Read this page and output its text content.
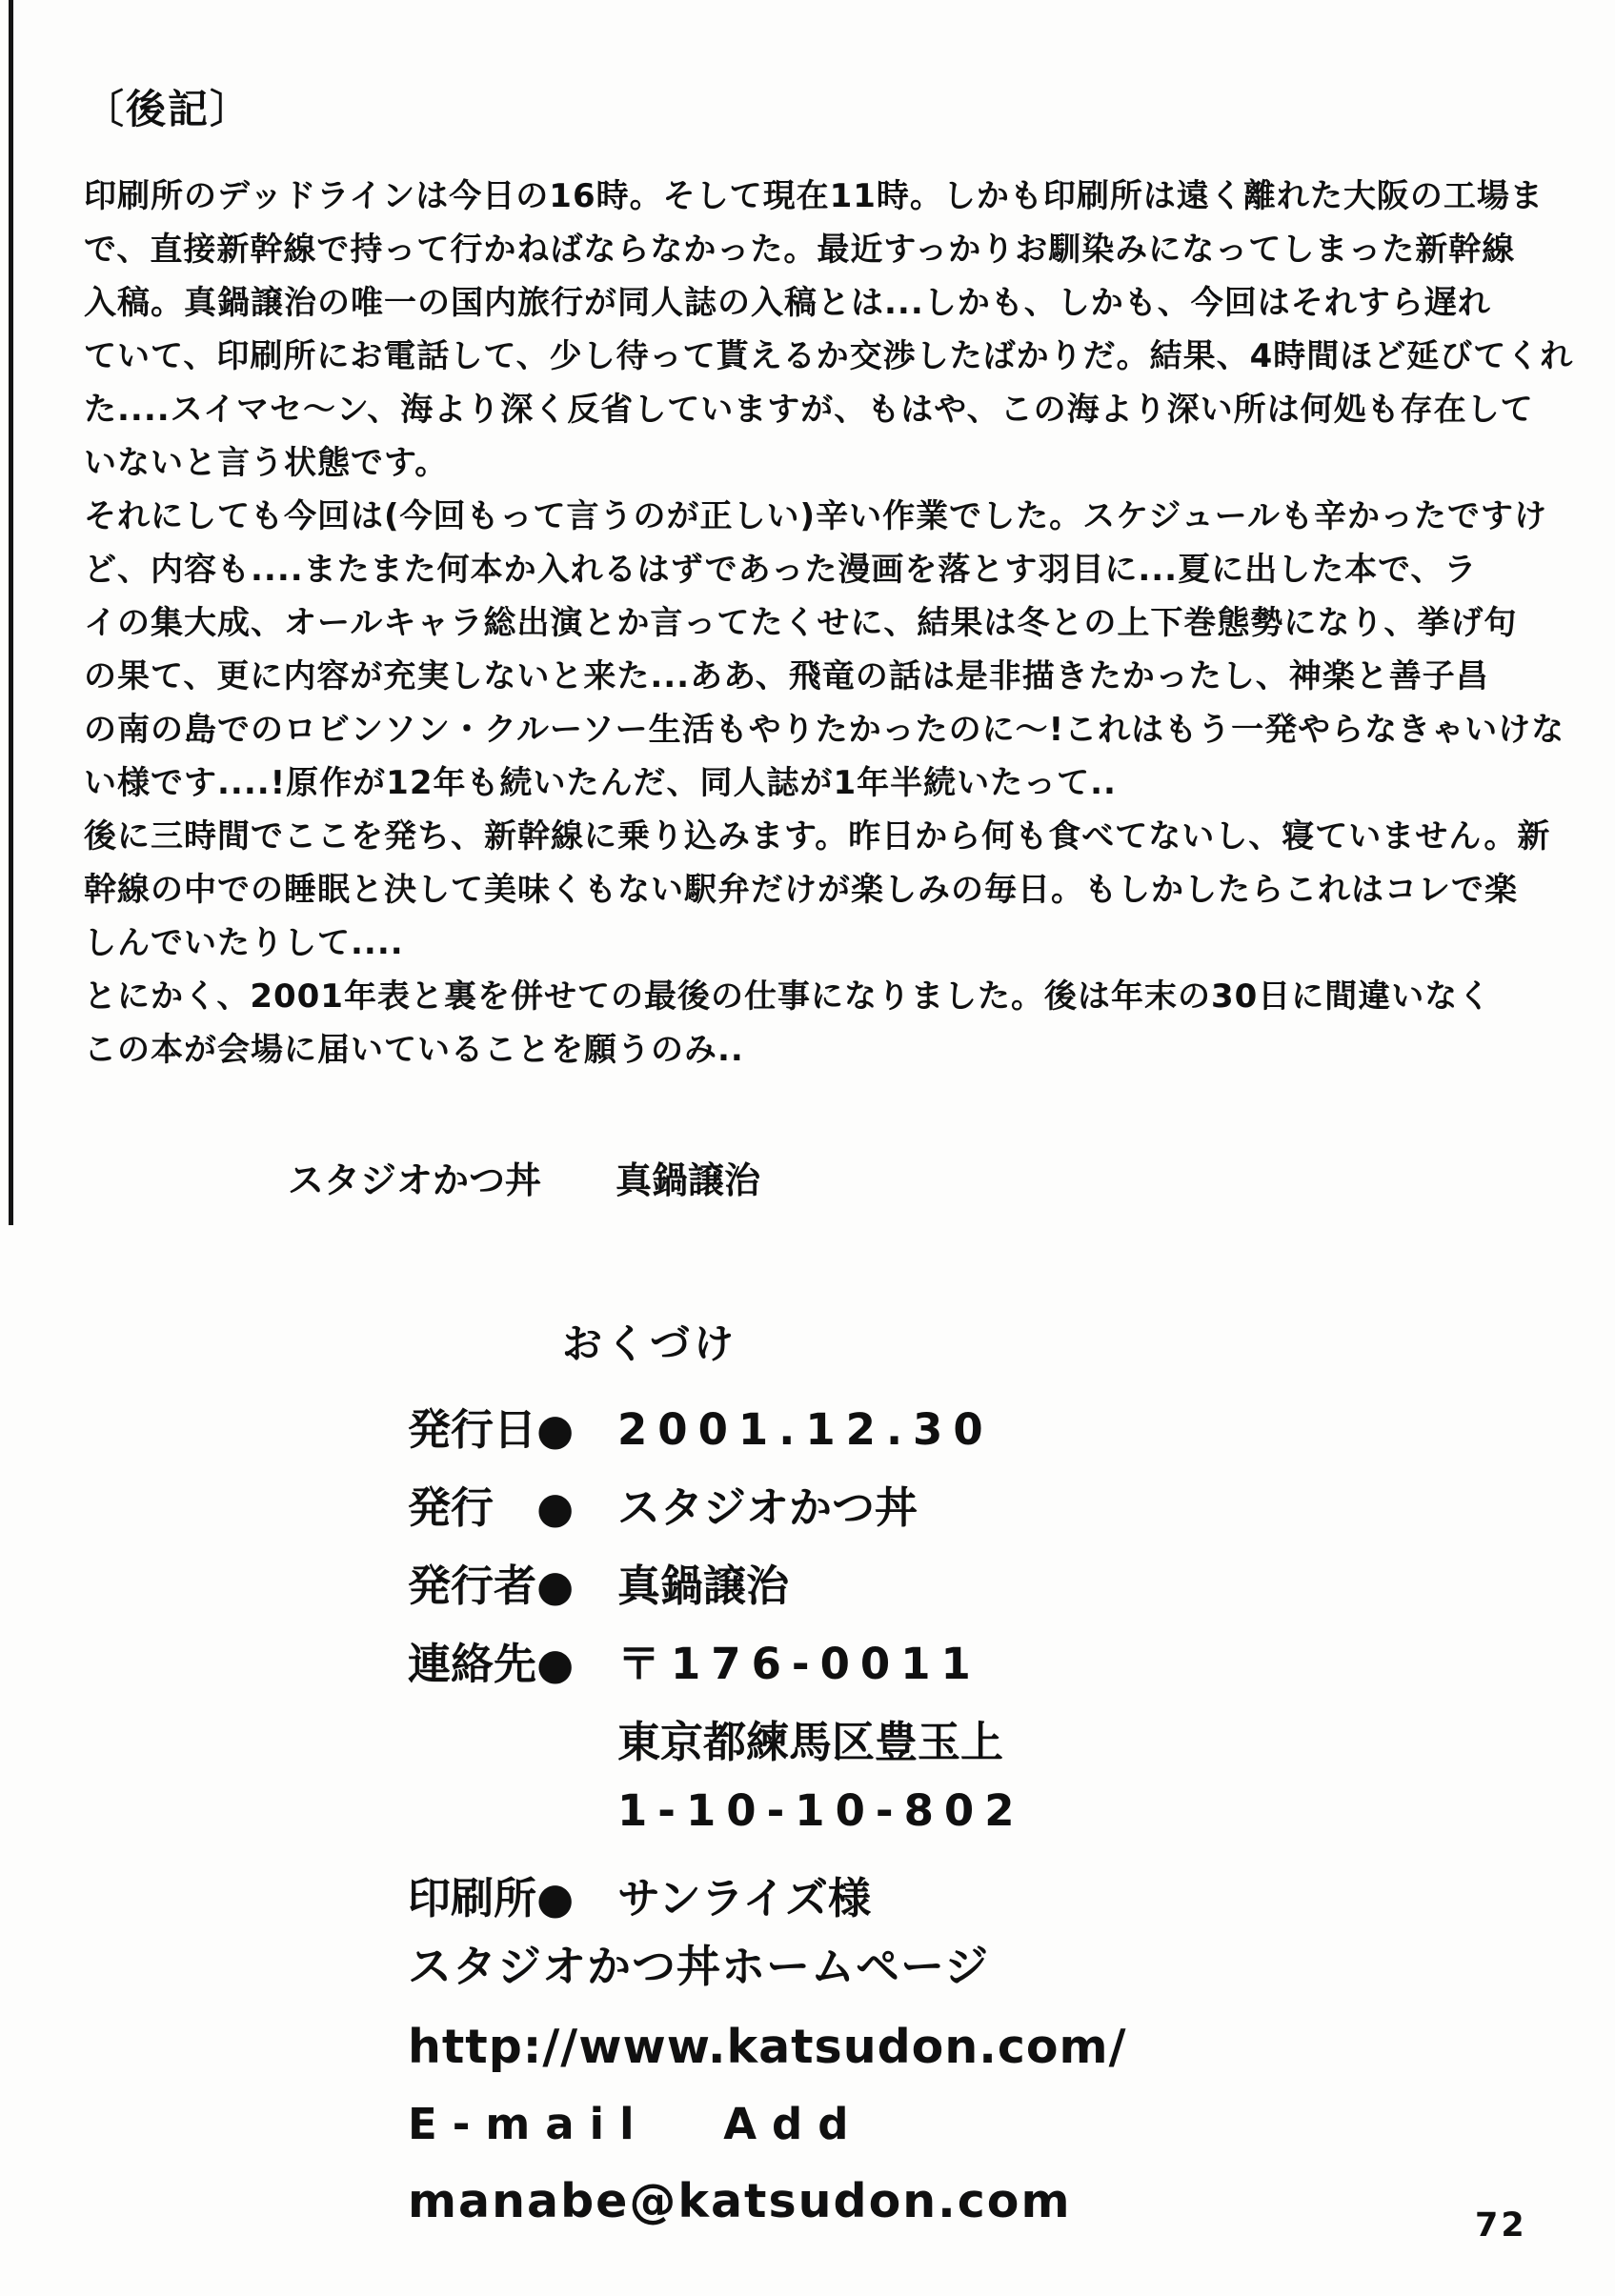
〔後記〕
印刷所のデッドラインは今日の16時。そして現在11時。しかも印刷所は遠く離れた大阪の工場ま
で、直接新幹線で持って行かねばならなかった。最近すっかりお馴染みになってしまった新幹線
入稿。真鍋譲治の唯一の国内旅行が同人誌の入稿とは...しかも、しかも、今回はそれすら遅れ
ていて、印刷所にお電話して、少し待って貰えるか交渉したばかりだ。結果、4時間ほど延びてくれ
た....スイマセ〜ン、海より深く反省していますが、もはや、この海より深い所は何処も存在して
いないと言う状態です。
それにしても今回は(今回もって言うのが正しい)辛い作業でした。スケジュールも辛かったですけ
ど、内容も....またまた何本か入れるはずであった漫画を落とす羽目に...夏に出した本で、ラ
イの集大成、オールキャラ総出演とか言ってたくせに、結果は冬との上下巻態勢になり、挙げ句
の果て、更に内容が充実しないと来た...ああ、飛竜の話は是非描きたかったし、神楽と善子昌
の南の島でのロビンソン・クルーソー生活もやりたかったのに〜!これはもう一発やらなきゃいけな
い様です....!原作が12年も続いたんだ、同人誌が1年半続いたって..
後に三時間でここを発ち、新幹線に乗り込みます。昨日から何も食べてないし、寝ていません。新
幹線の中での睡眠と決して美味くもない駅弁だけが楽しみの毎日。もしかしたらこれはコレで楽
しんでいたりして....
とにかく、2001年表と裏を併せての最後の仕事になりました。後は年末の30日に間違いなく
この本が会場に届いていることを願うのみ..
スタジオかつ丼 真鍋譲治
おくづけ
発行日●	2001.12.30
発行　●	スタジオかつ丼
発行者●	真鍋譲治
連絡先●	〒176-0011
東京都練馬区豊玉上
1-10-10-802
印刷所●	サンライズ様
スタジオかつ丼ホームページ
http://www.katsudon.com/
E-mail Add
manabe@katsudon.com	72
